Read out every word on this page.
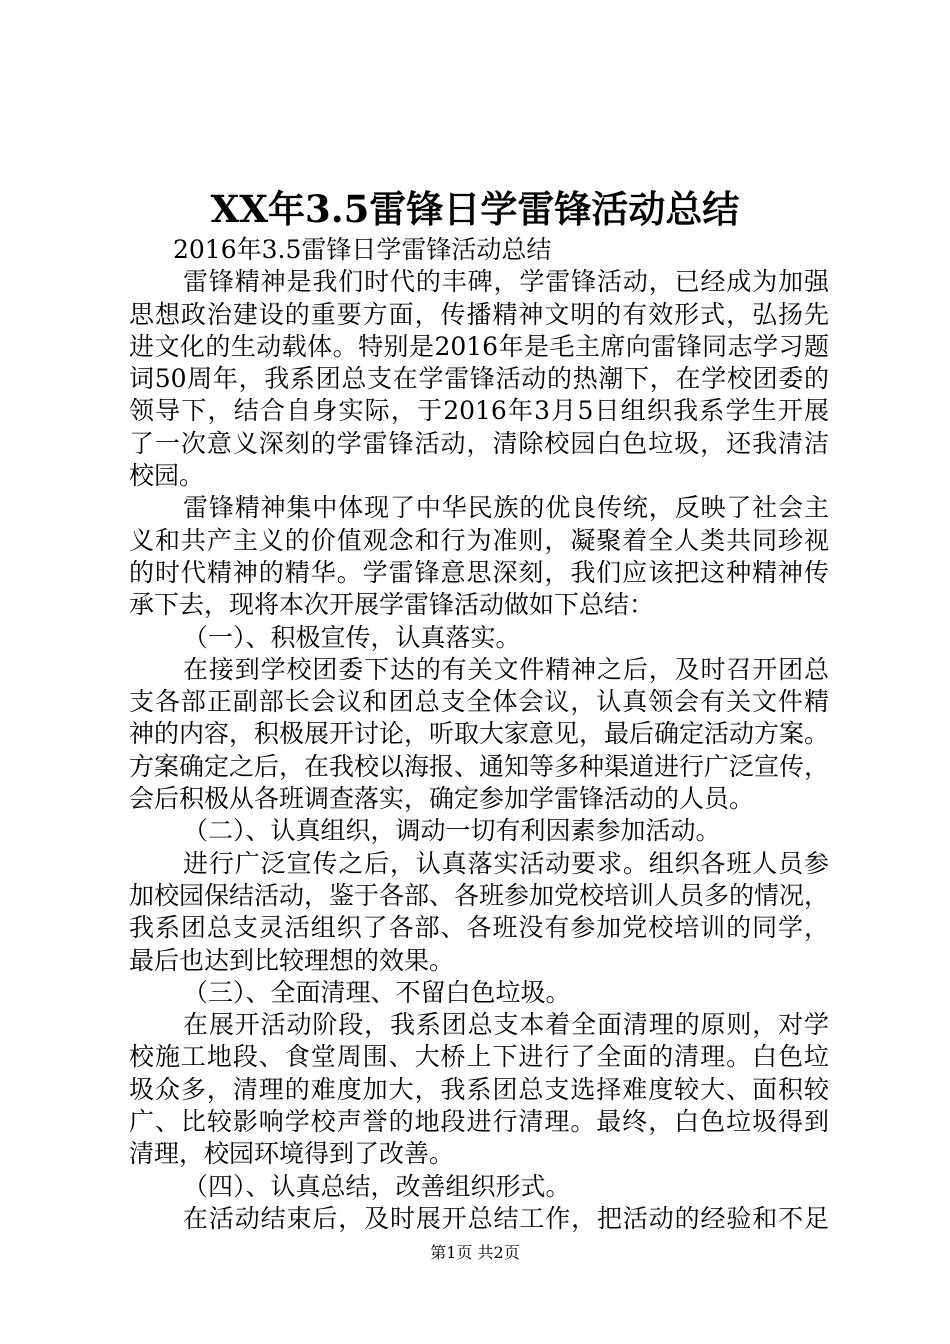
XX年3.5雷锋日学雷锋活动总结
2016年3.5雷锋日学雷锋活动总结
雷锋精神是我们时代的丰碑，学雷锋活动，已经成为加强
思想政治建设的重要方面，传播精神文明的有效形式，弘扬先
进文化的生动载体。特别是2016年是毛主席向雷锋同志学习题
词50周年，我系团总支在学雷锋活动的热潮下，在学校团委的
领导下，结合自身实际，于2016年3月5日组织我系学生开展
了一次意义深刻的学雷锋活动，清除校园白色垃圾，还我清洁
校园。
雷锋精神集中体现了中华民族的优良传统，反映了社会主
义和共产主义的价值观念和行为准则，凝聚着全人类共同珍视
的时代精神的精华。学雷锋意思深刻，我们应该把这种精神传
承下去，现将本次开展学雷锋活动做如下总结：
（一）、积极宣传，认真落实。
在接到学校团委下达的有关文件精神之后，及时召开团总
支各部正副部长会议和团总支全体会议，认真领会有关文件精
神的内容，积极展开讨论，听取大家意见，最后确定活动方案。
方案确定之后，在我校以海报、通知等多种渠道进行广泛宣传，
会后积极从各班调查落实，确定参加学雷锋活动的人员。
（二）、认真组织，调动一切有利因素参加活动。
进行广泛宣传之后，认真落实活动要求。组织各班人员参
加校园保结活动，鉴于各部、各班参加党校培训人员多的情况，
我系团总支灵活组织了各部、各班没有参加党校培训的同学，
最后也达到比较理想的效果。
（三）、全面清理、不留白色垃圾。
在展开活动阶段，我系团总支本着全面清理的原则，对学
校施工地段、食堂周围、大桥上下进行了全面的清理。白色垃
圾众多，清理的难度加大，我系团总支选择难度较大、面积较
广、比较影响学校声誉的地段进行清理。最终，白色垃圾得到
清理，校园环境得到了改善。
（四）、认真总结，改善组织形式。
在活动结束后，及时展开总结工作，把活动的经验和不足
第1页 共2页
